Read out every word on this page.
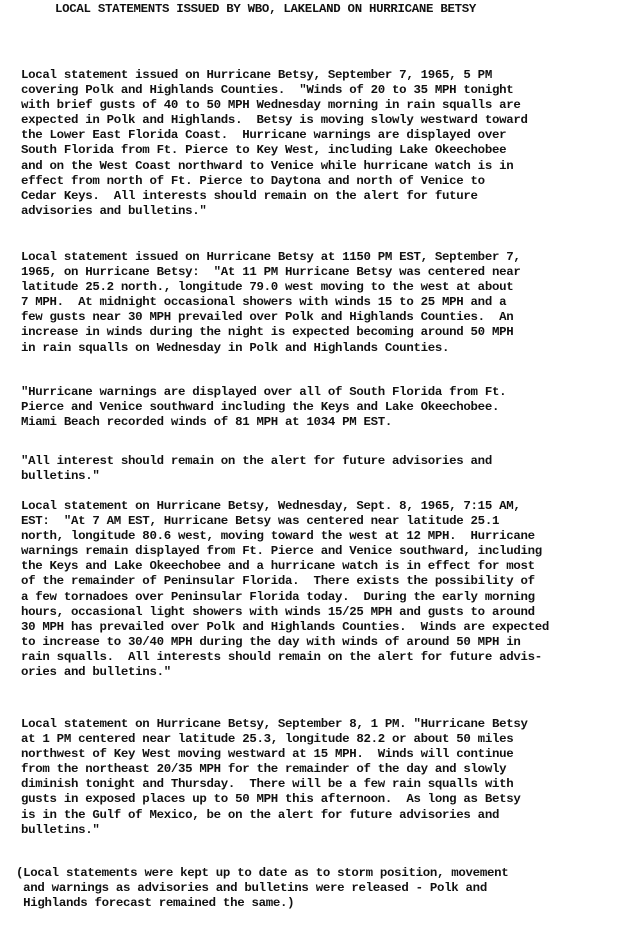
LOCAL STATEMENTS ISSUED BY WBO, LAKELAND ON HURRICANE BETSY

Local statement issued on Hurricane Betsy, September 7, 1965, 5 PM
covering Polk and Highlands Counties.  "Winds of 20 to 35 MPH tonight
with brief gusts of 40 to 50 MPH Wednesday morning in rain squalls are
expected in Polk and Highlands.  Betsy is moving slowly westward toward
the Lower East Florida Coast.  Hurricane warnings are displayed over
South Florida from Ft. Pierce to Key West, including Lake Okeechobee
and on the West Coast northward to Venice while hurricane watch is in
effect from north of Ft. Pierce to Daytona and north of Venice to
Cedar Keys.  All interests should remain on the alert for future
advisories and bulletins."

Local statement issued on Hurricane Betsy at 1150 PM EST, September 7,
1965, on Hurricane Betsy:  "At 11 PM Hurricane Betsy was centered near
latitude 25.2 north., longitude 79.0 west moving to the west at about
7 MPH.  At midnight occasional showers with winds 15 to 25 MPH and a
few gusts near 30 MPH prevailed over Polk and Highlands Counties.  An
increase in winds during the night is expected becoming around 50 MPH
in rain squalls on Wednesday in Polk and Highlands Counties.

"Hurricane warnings are displayed over all of South Florida from Ft.
Pierce and Venice southward including the Keys and Lake Okeechobee.
Miami Beach recorded winds of 81 MPH at 1034 PM EST.

"All interest should remain on the alert for future advisories and
bulletins."

Local statement on Hurricane Betsy, Wednesday, Sept. 8, 1965, 7:15 AM,
EST:  "At 7 AM EST, Hurricane Betsy was centered near latitude 25.1
north, longitude 80.6 west, moving toward the west at 12 MPH.  Hurricane
warnings remain displayed from Ft. Pierce and Venice southward, including
the Keys and Lake Okeechobee and a hurricane watch is in effect for most
of the remainder of Peninsular Florida.  There exists the possibility of
a few tornadoes over Peninsular Florida today.  During the early morning
hours, occasional light showers with winds 15/25 MPH and gusts to around
30 MPH has prevailed over Polk and Highlands Counties.  Winds are expected
to increase to 30/40 MPH during the day with winds of around 50 MPH in
rain squalls.  All interests should remain on the alert for future advis-
ories and bulletins."

Local statement on Hurricane Betsy, September 8, 1 PM. "Hurricane Betsy
at 1 PM centered near latitude 25.3, longitude 82.2 or about 50 miles
northwest of Key West moving westward at 15 MPH.  Winds will continue
from the northeast 20/35 MPH for the remainder of the day and slowly
diminish tonight and Thursday.  There will be a few rain squalls with
gusts in exposed places up to 50 MPH this afternoon.  As long as Betsy
is in the Gulf of Mexico, be on the alert for future advisories and
bulletins."

(Local statements were kept up to date as to storm position, movement
and warnings as advisories and bulletins were released - Polk and
Highlands forecast remained the same.)
